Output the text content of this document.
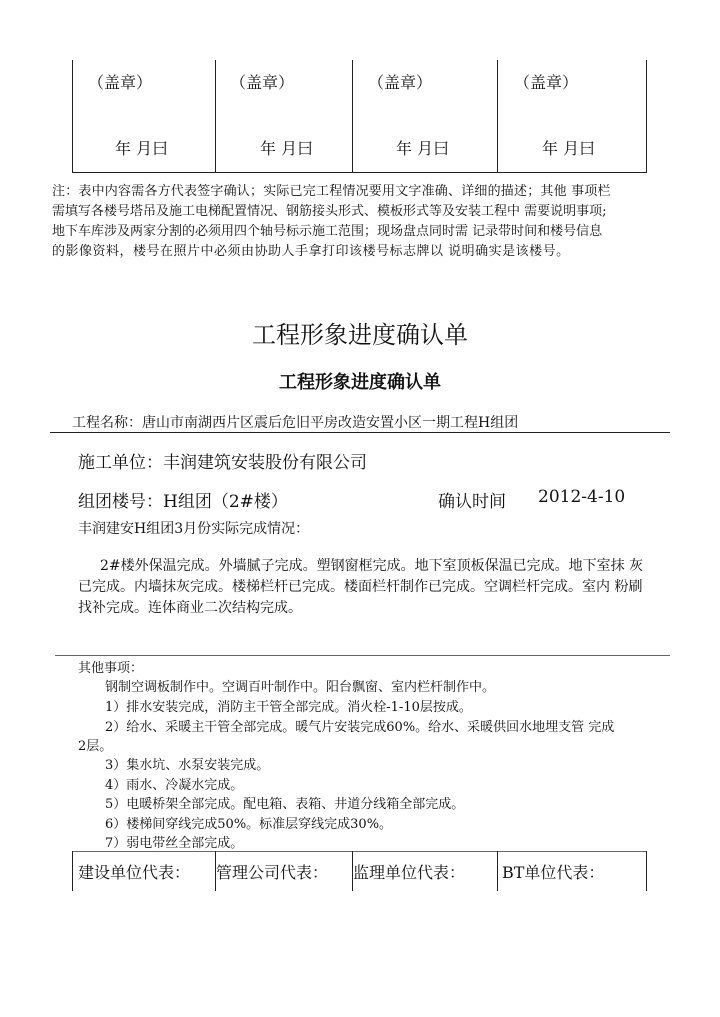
（盖章）	（盖章）	（盖章）	（盖章）
年 月曰	年 月曰	年 月曰	年 月曰
注：表中内容需各方代表签字确认；实际已完工程情况要用文字准确、详细的描述；其他 事项栏
需填写各楼号塔吊及施工电梯配置情况、钢筋接头形式、模板形式等及安装工程中 需要说明事项;
地下车库涉及两家分割的必须用四个轴号标示施工范围；现场盘点同时需 记录带时间和楼号信息
的影像资料，楼号在照片中必须由协助人手拿打印该楼号标志牌以 说明确实是该楼号。
工程形象进度确认单
工程形象进度确认单
工程名称：唐山市南湖西片区震后危旧平房改造安置小区一期工程H组团
施工单位：丰润建筑安装股份有限公司
组团楼号：H组团（2#楼）	确认时间 2012-4-10
丰润建安H组团3月份实际完成情况：
2#楼外保温完成。外墙腻子完成。塑钢窗框完成。地下室顶板保温已完成。地下室抹 灰
已完成。内墙抹灰完成。楼梯栏杆已完成。楼面栏杆制作已完成。空调栏杆完成。室内 粉刷
找补完成。连体商业二次结构完成。
其他事项：
钢制空调板制作中。空调百叶制作中。阳台飘窗、室内栏杆制作中。
1）排水安装完成，消防主干管全部完成。消火栓-1-10层按成。
2）给水、采暖主干管全部完成。暖气片安装完成60%。给水、采暖供回水地埋支管 完成
2层。
3）集水坑、水泵安装完成。
4）雨水、冷凝水完成。
5）电暖桥架全部完成。配电箱、表箱、井道分线箱全部完成。
6）楼梯间穿线完成50%。标准层穿线完成30%。
7）弱电带丝全部完成。
建设单位代表： 管理公司代表： 监理单位代表： BT单位代表：
